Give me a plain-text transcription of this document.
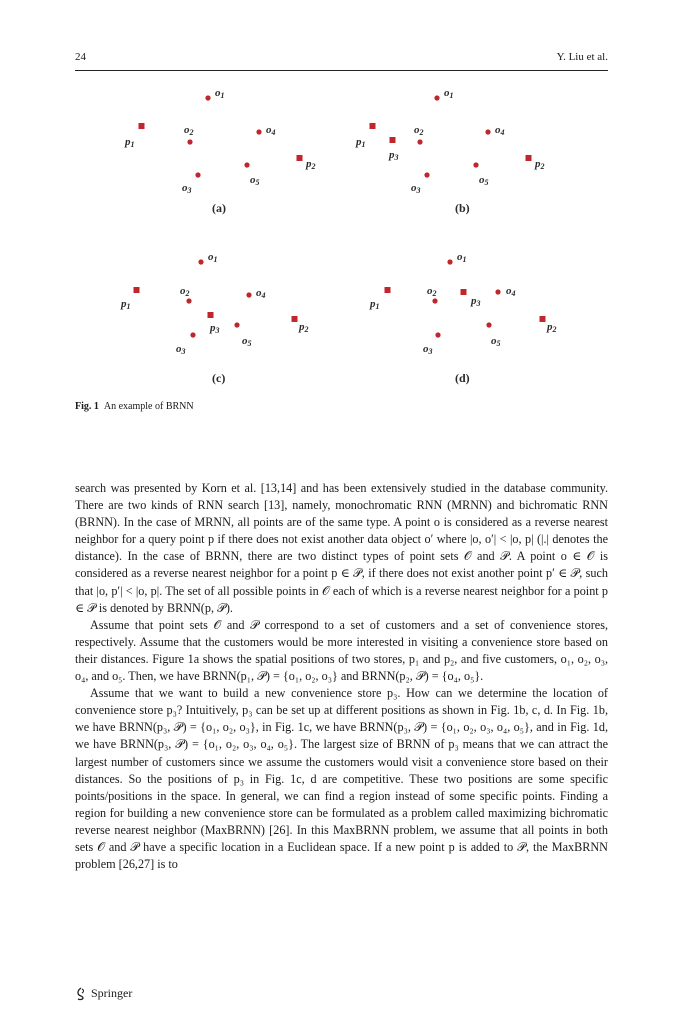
24	Y. Liu et al.
o1
o2
o3
o4
o5
p1
p2
(a)
o1
o2
o3
o4
o5
p1
p3
p2
(b)
o1
o2
o3
o4
o5
p1
p3	p2
(c)
o1
o2
o3
o4
o5
p1	p3
p2
(d)
Fig. 1 An example of BRNN

search was presented by Korn et al. [13,14] and has been extensively studied in the database community. There are two kinds of RNN search [13], namely, monochromatic RNN (MRNN) and bichromatic RNN (BRNN). In the case of MRNN, all points are of the same type. A point o is considered as a reverse nearest neighbor for a query point p if there does not exist another data object o′ where |o, o′| < |o, p| (|.| denotes the distance). In the case of BRNN, there are two distinct types of point sets 𝒪 and 𝒫. A point o ∈ 𝒪 is considered as a reverse nearest neighbor for a point p ∈ 𝒫, if there does not exist another point p′ ∈ 𝒫, such that |o, p′| < |o, p|. The set of all possible points in 𝒪 each of which is a reverse nearest neighbor for a point p ∈ 𝒫 is denoted by BRNN(p, 𝒫).

Assume that point sets 𝒪 and 𝒫 correspond to a set of customers and a set of convenience stores, respectively. Assume that the customers would be more interested in visiting a convenience store based on their distances. Figure 1a shows the spatial positions of two stores, p₁ and p₂, and five customers, o₁, o₂, o₃, o₄, and o₅. Then, we have BRNN(p₁, 𝒫) = {o₁, o₂, o₃} and BRNN(p₂, 𝒫) = {o₄, o₅}.

Assume that we want to build a new convenience store p₃. How can we determine the location of convenience store p₃? Intuitively, p₃ can be set up at different positions as shown in Fig. 1b, c, d. In Fig. 1b, we have BRNN(p₃, 𝒫) = {o₁, o₂, o₃}, in Fig. 1c, we have BRNN(p₃, 𝒫) = {o₁, o₂, o₃, o₄, o₅}, and in Fig. 1d, we have BRNN(p₃, 𝒫) = {o₁, o₂, o₃, o₄, o₅}. The largest size of BRNN of p₃ means that we can attract the largest number of customers since we assume the customers would visit a convenience store based on their distances. So the positions of p₃ in Fig. 1c, d are competitive. These two positions are some specific points/positions in the space. In general, we can find a region instead of some specific points. Finding a region for building a new convenience store can be formulated as a problem called maximizing bichromatic reverse nearest neighbor (MaxBRNN) [26]. In this MaxBRNN problem, we assume that all points in both sets 𝒪 and 𝒫 have a specific location in a Euclidean space. If a new point p is added to 𝒫, the MaxBRNN problem [26,27] is to

Springer
